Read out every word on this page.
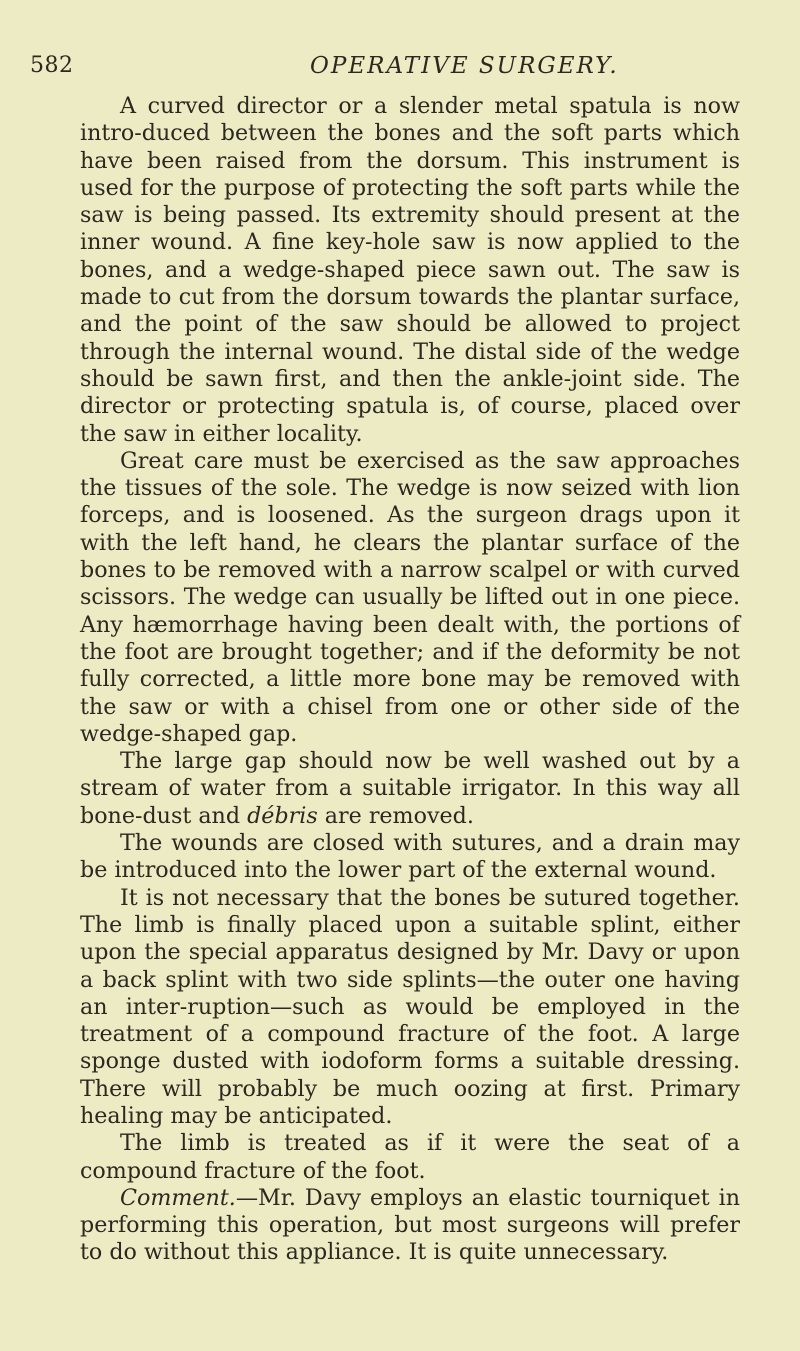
582	OPERATIVE SURGERY.

A curved director or a slender metal spatula is now intro-duced between the bones and the soft parts which have been raised from the dorsum. This instrument is used for the purpose of protecting the soft parts while the saw is being passed. Its extremity should present at the inner wound. A fine key-hole saw is now applied to the bones, and a wedge-shaped piece sawn out. The saw is made to cut from the dorsum towards the plantar surface, and the point of the saw should be allowed to project through the internal wound. The distal side of the wedge should be sawn first, and then the ankle-joint side. The director or protecting spatula is, of course, placed over the saw in either locality.

Great care must be exercised as the saw approaches the tissues of the sole. The wedge is now seized with lion forceps, and is loosened. As the surgeon drags upon it with the left hand, he clears the plantar surface of the bones to be removed with a narrow scalpel or with curved scissors. The wedge can usually be lifted out in one piece. Any hæmorrhage having been dealt with, the portions of the foot are brought together; and if the deformity be not fully corrected, a little more bone may be removed with the saw or with a chisel from one or other side of the wedge-shaped gap.

The large gap should now be well washed out by a stream of water from a suitable irrigator. In this way all bone-dust and débris are removed.

The wounds are closed with sutures, and a drain may be introduced into the lower part of the external wound.

It is not necessary that the bones be sutured together. The limb is finally placed upon a suitable splint, either upon the special apparatus designed by Mr. Davy or upon a back splint with two side splints—the outer one having an inter-ruption—such as would be employed in the treatment of a compound fracture of the foot. A large sponge dusted with iodoform forms a suitable dressing. There will probably be much oozing at first. Primary healing may be anticipated.

The limb is treated as if it were the seat of a compound fracture of the foot.

Comment.—Mr. Davy employs an elastic tourniquet in performing this operation, but most surgeons will prefer to do without this appliance. It is quite unnecessary.
